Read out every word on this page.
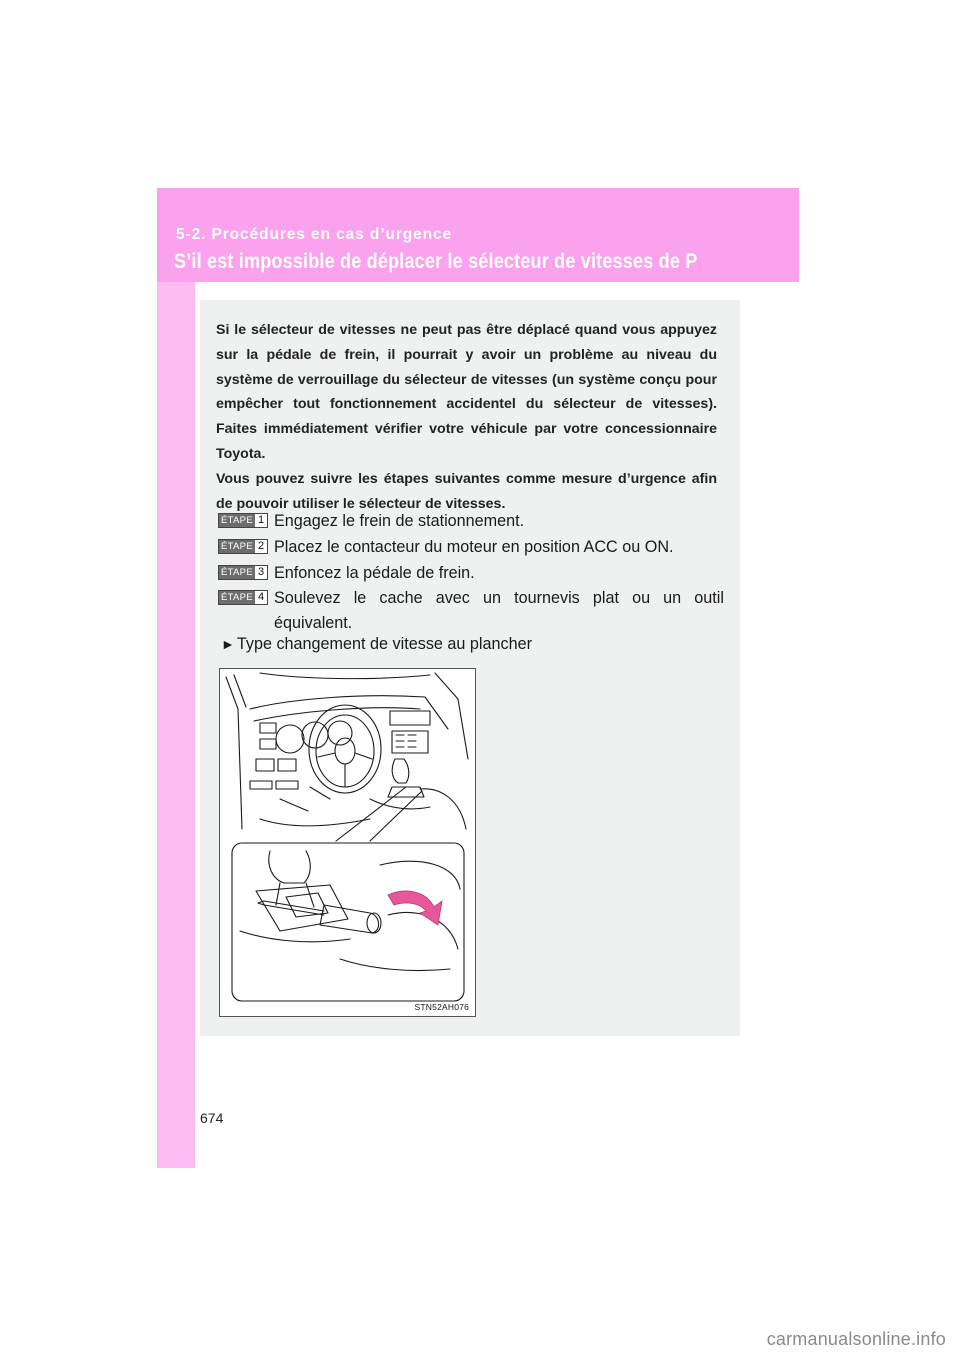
5-2. Procédures en cas d’urgence
S’il est impossible de déplacer le sélecteur de vitesses de P
Si le sélecteur de vitesses ne peut pas être déplacé quand vous appuyez sur la pédale de frein, il pourrait y avoir un problème au niveau du système de verrouillage du sélecteur de vitesses (un système conçu pour empêcher tout fonctionnement accidentel du sélecteur de vitesses). Faites immédiatement vérifier votre véhicule par votre concessionnaire Toyota.
Vous pouvez suivre les étapes suivantes comme mesure d’urgence afin de pouvoir utiliser le sélecteur de vitesses.
ÉTAPE 1 Engagez le frein de stationnement.
ÉTAPE 2 Placez le contacteur du moteur en position ACC ou ON.
ÉTAPE 3 Enfoncez la pédale de frein.
ÉTAPE 4 Soulevez le cache avec un tournevis plat ou un outil équivalent.
► Type changement de vitesse au plancher
STN52AH076
674
carmanualsonline.info
